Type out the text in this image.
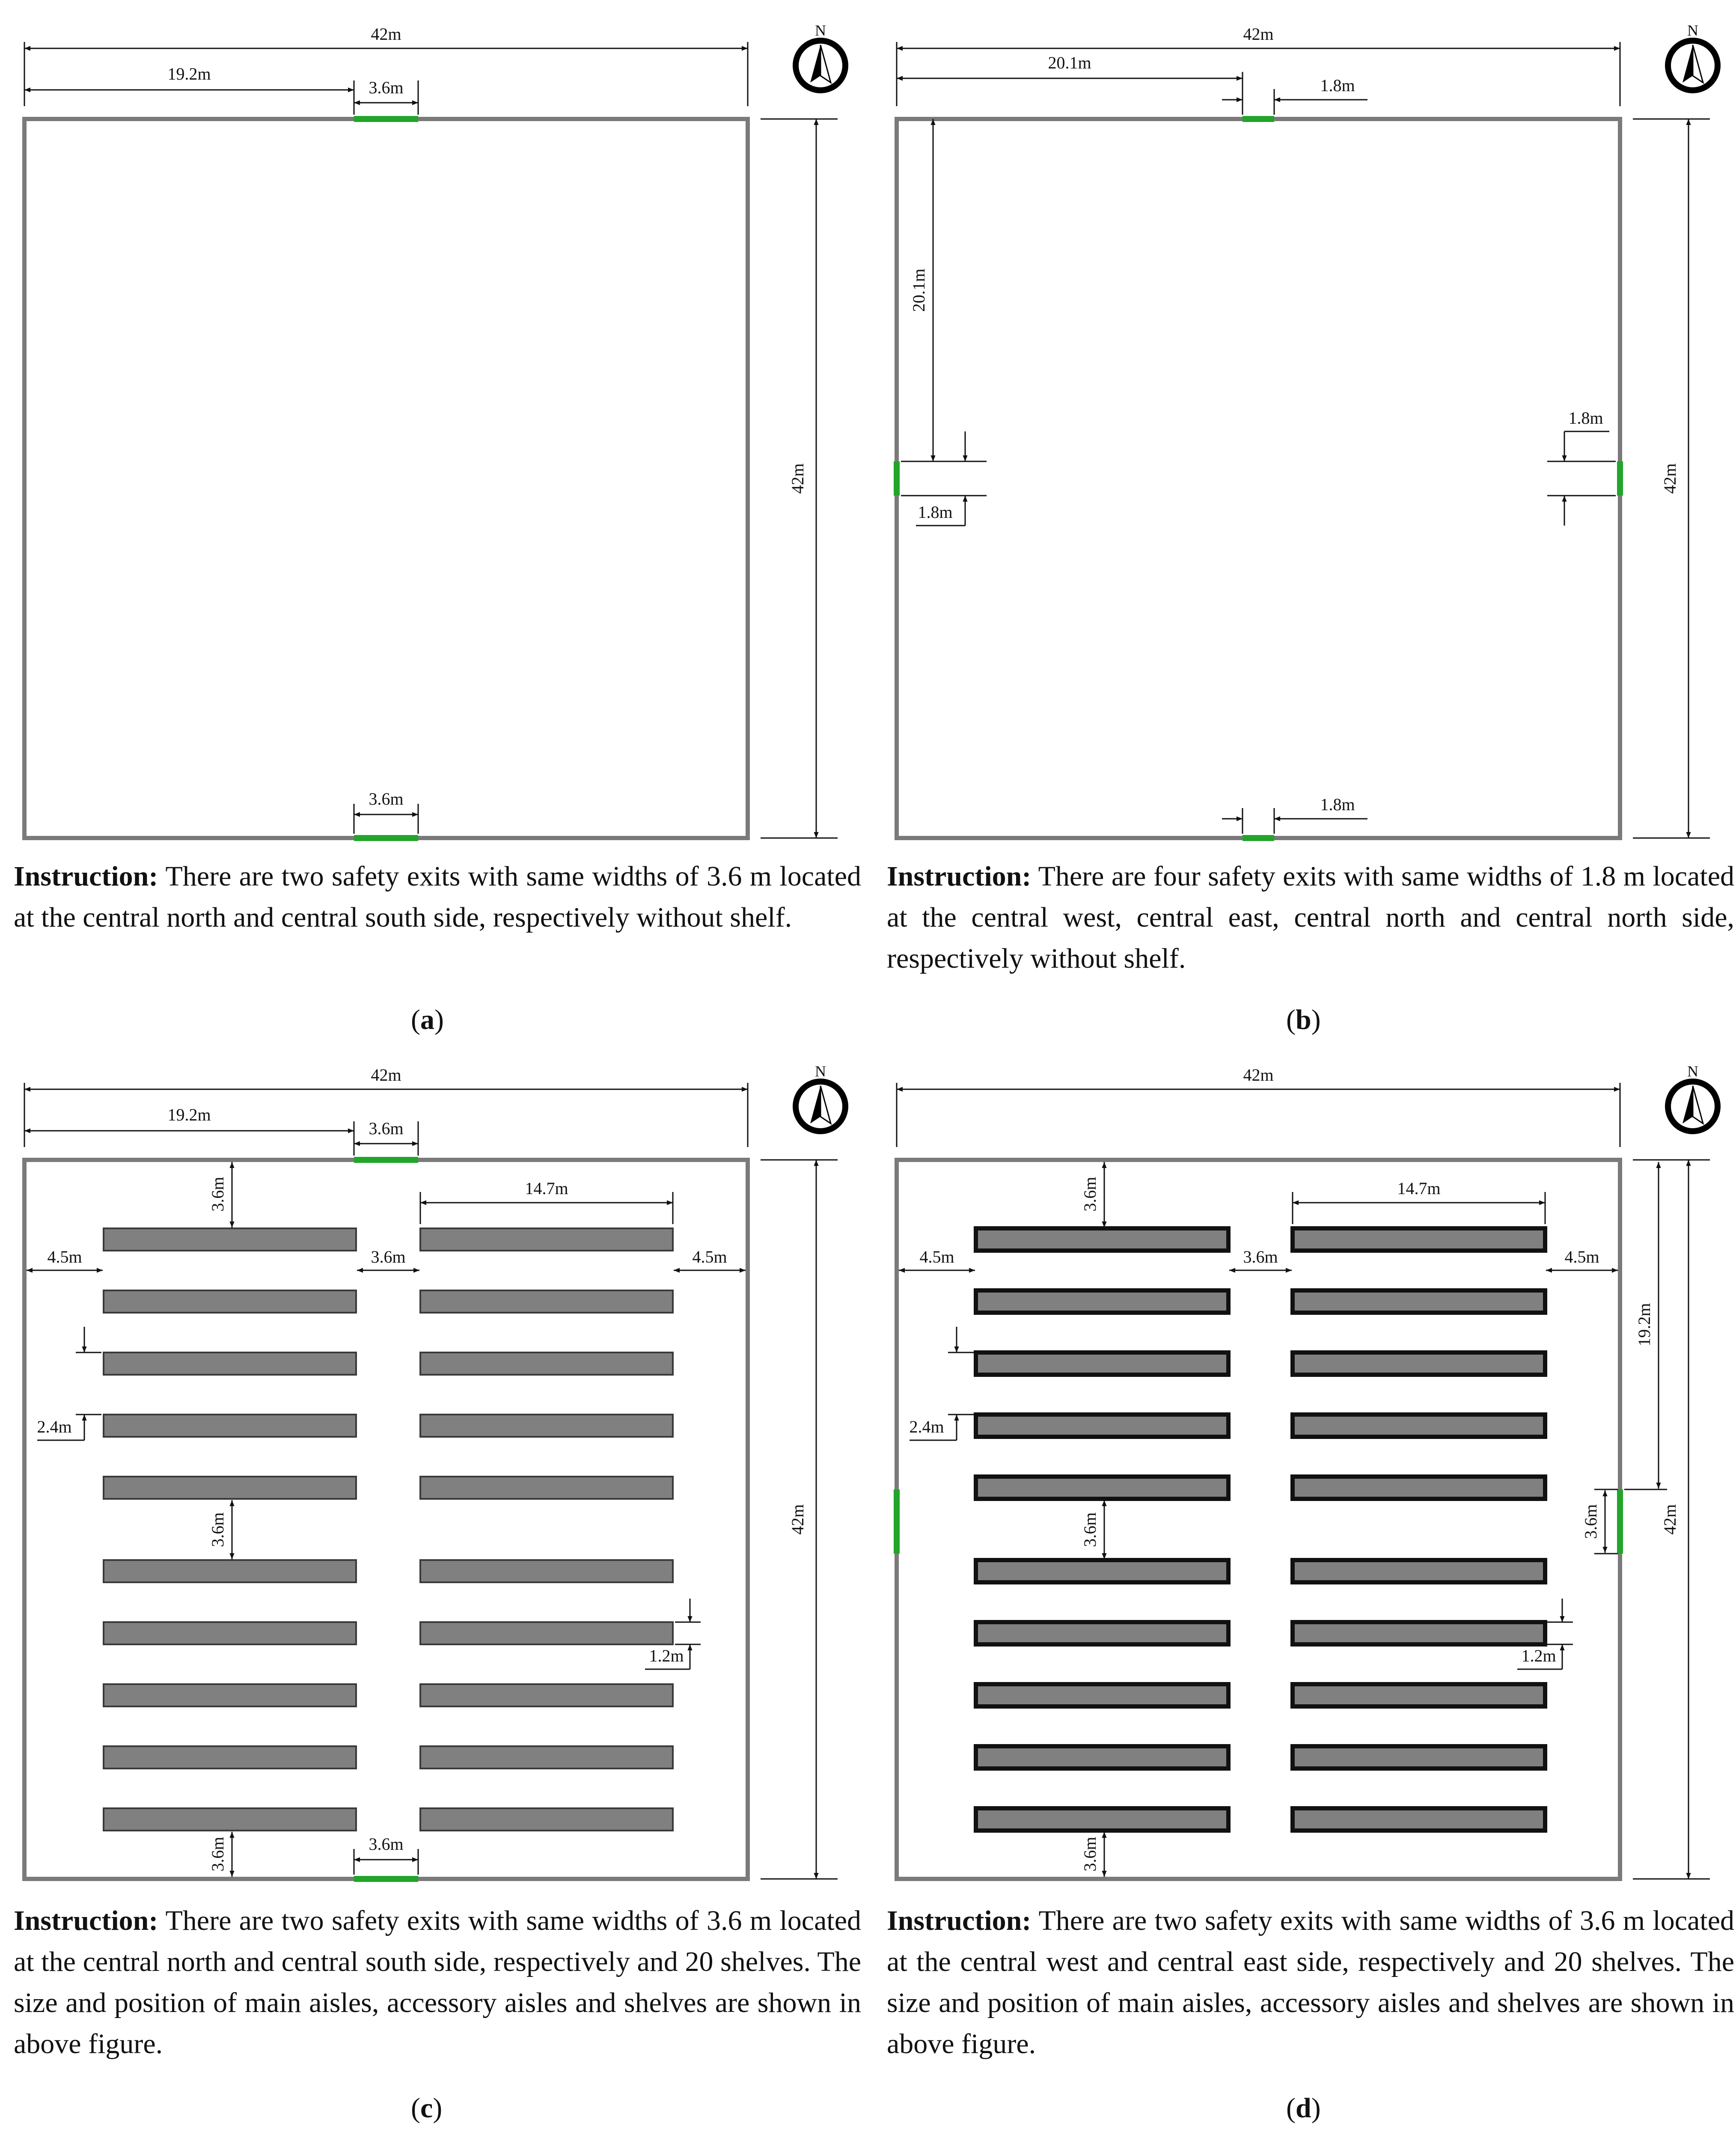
42m
42m
N
19.2m
3.6m
3.6m
42m
42m
N
20.1m
1.8m
1.8m
20.1m
1.8m
1.8m
42m
42m
N
19.2m
3.6m
3.6m
3.6m	14.7m
4.5m	3.6m	4.5m
2.4m
3.6m
1.2m
3.6m
42m
42m
N
19.2m
3.6m
3.6m	14.7m
4.5m	3.6m	4.5m
2.4m
3.6m
1.2m
3.6m
Instruction: There are two safety exits with same widths of 3.6 m located at the central north and central south side, respectively without shelf.
Instruction: There are four safety exits with same widths of 1.8 m located at the central west, central east, central north and central north side, respectively without shelf.
Instruction: There are two safety exits with same widths of 3.6 m located at the central north and central south side, respectively and 20 shelves. The size and position of main aisles, accessory aisles and shelves are shown in above figure.
Instruction: There are two safety exits with same widths of 3.6 m located at the central west and central east side, respectively and 20 shelves. The size and position of main aisles, accessory aisles and shelves are shown in above figure.
(a)	(b)
(c)	(d)
